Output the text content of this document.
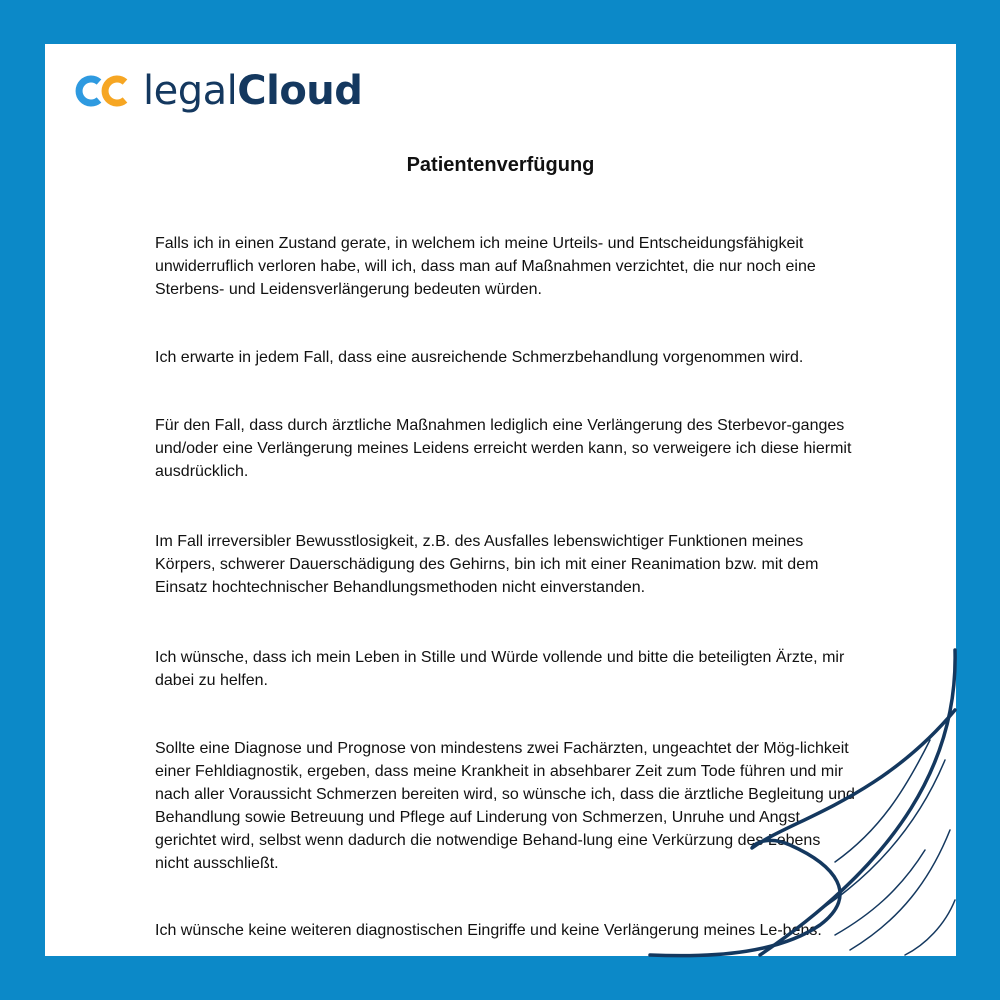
legalCloud
Patientenverfügung

Falls ich in einen Zustand gerate, in welchem ich meine Urteils- und Entscheidungsfähigkeit unwiderruflich verloren habe, will ich, dass man auf Maßnahmen verzichtet, die nur noch eine Sterbens- und Leidensverlängerung bedeuten würden.

Ich erwarte in jedem Fall, dass eine ausreichende Schmerzbehandlung vorgenommen wird.

Für den Fall, dass durch ärztliche Maßnahmen lediglich eine Verlängerung des Sterbevor-ganges und/oder eine Verlängerung meines Leidens erreicht werden kann, so verweigere ich diese hiermit ausdrücklich.

Im Fall irreversibler Bewusstlosigkeit, z.B. des Ausfalles lebenswichtiger Funktionen meines Körpers, schwerer Dauerschädigung des Gehirns, bin ich mit einer Reanimation bzw. mit dem Einsatz hochtechnischer Behandlungsmethoden nicht einverstanden.

Ich wünsche, dass ich mein Leben in Stille und Würde vollende und bitte die beteiligten Ärzte, mir dabei zu helfen.

Sollte eine Diagnose und Prognose von mindestens zwei Fachärzten, ungeachtet der Mög-lichkeit einer Fehldiagnostik, ergeben, dass meine Krankheit in absehbarer Zeit zum Tode führen und mir nach aller Voraussicht Schmerzen bereiten wird, so wünsche ich, dass die ärztliche Begleitung und Behandlung sowie Betreuung und Pflege auf Linderung von Schmerzen, Unruhe und Angst gerichtet wird, selbst wenn dadurch die notwendige Behand-lung eine Verkürzung des Lebens nicht ausschließt.

Ich wünsche keine weiteren diagnostischen Eingriffe und keine Verlängerung meines Le-bens.
